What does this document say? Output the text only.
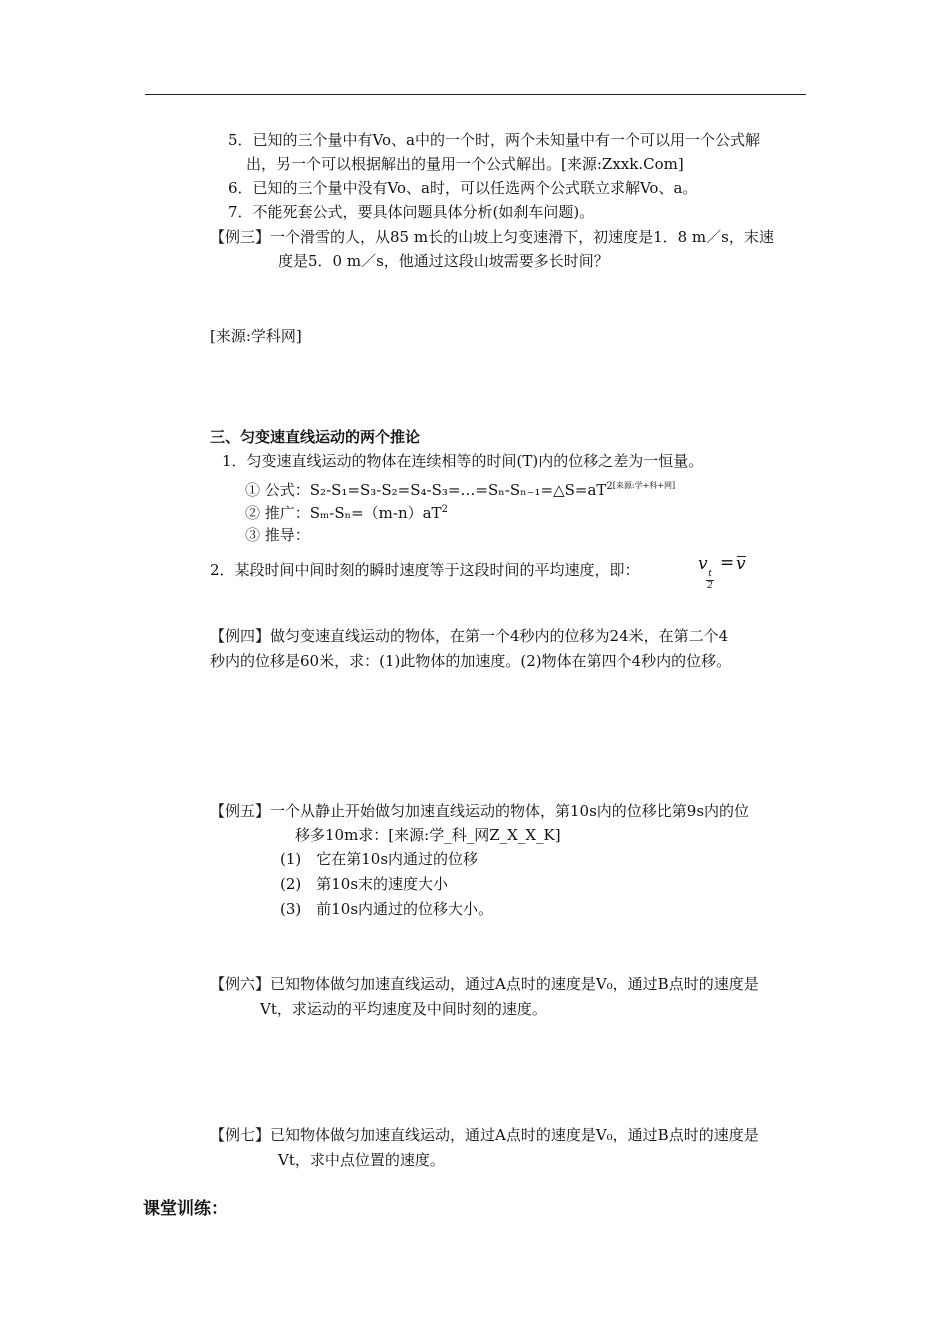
5．已知的三个量中有Vo、a中的一个时，两个未知量中有一个可以用一个公式解
出，另一个可以根据解出的量用一个公式解出。[来源:Zxxk.Com]
6．已知的三个量中没有Vo、a时，可以任选两个公式联立求解Vo、a。
7．不能死套公式，要具体问题具体分析(如刹车问题)。
【例三】一个滑雪的人，从85 m长的山坡上匀变速滑下，初速度是1．8 m／s，末速
度是5．0 m／s，他通过这段山坡需要多长时间？
[来源:学科网]
三、匀变速直线运动的两个推论
1．匀变速直线运动的物体在连续相等的时间(T)内的位移之差为一恒量。
① 公式：$S_2-S_1=S_3-S_2=S_4-S_3=\dots=S_n-S_{n-1}=\triangle S=aT^{2[来源:学+科+网]}$
② 推广：$S_m-S_n=(m-n)aT^2$
③ 推导：
2．某段时间中间时刻的瞬时速度等于这段时间的平均速度，即：	v t
2
= v
【例四】做匀变速直线运动的物体，在第一个4秒内的位移为24米，在第二个4
秒内的位移是60米，求：(1)此物体的加速度。(2)物体在第四个4秒内的位移。
【例五】一个从静止开始做匀加速直线运动的物体，第10s内的位移比第9s内的位
移多10m求：[来源:学_科_网Z_X_X_K]
(1)　它在第10s内通过的位移
(2)　第10s末的速度大小
(3)　前10s内通过的位移大小。
【例六】已知物体做匀加速直线运动，通过A点时的速度是V₀，通过B点时的速度是
Vt，求运动的平均速度及中间时刻的速度。
【例七】已知物体做匀加速直线运动，通过A点时的速度是V₀，通过B点时的速度是
Vt，求中点位置的速度。
课堂训练：
